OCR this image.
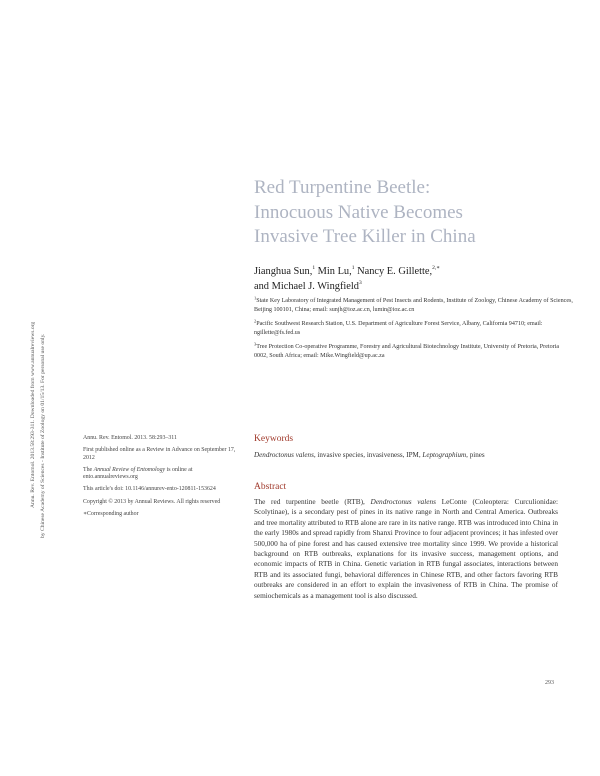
Annu. Rev. Entomol. 2013.58:293-311. Downloaded from www.annualreviews.org by Chinese Academy of Sciences - Institute of Zoology on 01/15/13. For personal use only.
Red Turpentine Beetle:
Innocuous Native Becomes
Invasive Tree Killer in China
Jianghua Sun,$^1$ Min Lu,$^1$ Nancy E. Gillette,$^{2,∗}$
and Michael J. Wingfield$^3$

$^1$State Key Laboratory of Integrated Management of Pest Insects and Rodents, Institute of Zoology, Chinese Academy of Sciences, Beijing 100101, China; email: sunjh@ioz.ac.cn, lumin@ioz.ac.cn

$^2$Pacific Southwest Research Station, U.S. Department of Agriculture Forest Service, Albany, California 94710; email: ngillette@fs.fed.us

$^3$Tree Protection Co-operative Programme, Forestry and Agricultural Biotechnology Institute, University of Pretoria, Pretoria 0002, South Africa; email: Mike.Wingfield@up.ac.za

Annu. Rev. Entomol. 2013. 58:293–311

First published online as a Review in Advance on September 17, 2012

The Annual Review of Entomology is online at ento.annualreviews.org

This article's doi: 10.1146/annurev-ento-120811-153624

Copyright © 2013 by Annual Reviews. All rights reserved

∗Corresponding author

Keywords
Dendroctonus valens, invasive species, invasiveness, IPM, Leptographium, pines
Abstract
The red turpentine beetle (RTB), Dendroctonus valens LeConte (Coleoptera: Curculionidae: Scolytinae), is a secondary pest of pines in its native range in North and Central America. Outbreaks and tree mortality attributed to RTB alone are rare in its native range. RTB was introduced into China in the early 1980s and spread rapidly from Shanxi Province to four adjacent provinces; it has infested over 500,000 ha of pine forest and has caused extensive tree mortality since 1999. We provide a historical background on RTB outbreaks, explanations for its invasive success, management options, and economic impacts of RTB in China. Genetic variation in RTB fungal associates, interactions between RTB and its associated fungi, behavioral differences in Chinese RTB, and other factors favoring RTB outbreaks are considered in an effort to explain the invasiveness of RTB in China. The promise of semiochemicals as a management tool is also discussed.
293
